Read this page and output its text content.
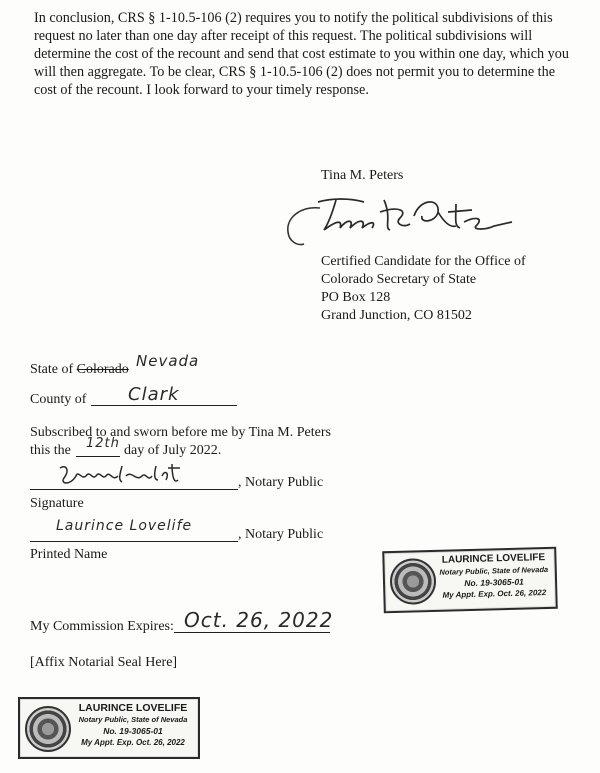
In conclusion, CRS § 1-10.5-106 (2) requires you to notify the political subdivisions of this request no later than one day after receipt of this request. The political subdivisions will determine the cost of the recount and send that cost estimate to you within one day, which you will then aggregate. To be clear, CRS § 1-10.5-106 (2) does not permit you to determine the cost of the recount. I look forward to your timely response.

Tina M. Peters
Certified Candidate for the Office of
Colorado Secretary of State
PO Box 128
Grand Junction, CO 81502
State of Colorado Nevada
County of Clark
Subscribed to and sworn before me by Tina M. Peters
this the 12th day of July 2022.
, Notary Public
Signature
Laurince Lovelife
, Notary Public
Printed Name
My Commission Expires: Oct. 26, 2022
[Affix Notarial Seal Here]
LAURINCE LOVELIFE
Notary Public, State of Nevada
No. 19-3065-01
My Appt. Exp. Oct. 26, 2022
LAURINCE LOVELIFE
Notary Public, State of Nevada
No. 19-3065-01
My Appt. Exp. Oct. 26, 2022
